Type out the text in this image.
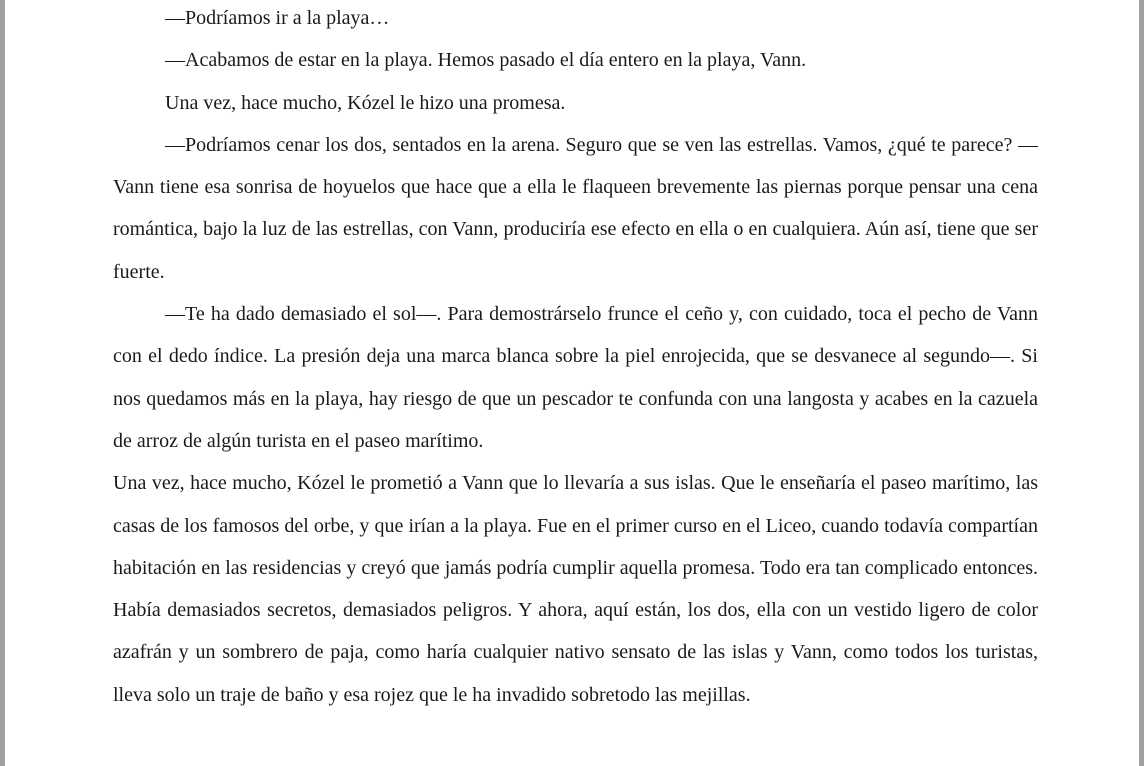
—Podríamos ir a la playa…

—Acabamos de estar en la playa. Hemos pasado el día entero en la playa, Vann.

Una vez, hace mucho, Kózel le hizo una promesa.

—Podríamos cenar los dos, sentados en la arena. Seguro que se ven las estrellas. Vamos, ¿qué te parece? —Vann tiene esa sonrisa de hoyuelos que hace que a ella le flaqueen brevemente las piernas porque pensar una cena romántica, bajo la luz de las estrellas, con Vann, produciría ese efecto en ella o en cualquiera. Aún así, tiene que ser fuerte.

—Te ha dado demasiado el sol—. Para demostrárselo frunce el ceño y, con cuidado, toca el pecho de Vann con el dedo índice. La presión deja una marca blanca sobre la piel enrojecida, que se desvanece al segundo—. Si nos quedamos más en la playa, hay riesgo de que un pescador te confunda con una langosta y acabes en la cazuela de arroz de algún turista en el paseo marítimo.

Una vez, hace mucho, Kózel le prometió a Vann que lo llevaría a sus islas. Que le enseñaría el paseo marítimo, las casas de los famosos del orbe, y que irían a la playa. Fue en el primer curso en el Liceo, cuando todavía compartían habitación en las residencias y creyó que jamás podría cumplir aquella promesa. Todo era tan complicado entonces. Había demasiados secretos, demasiados peligros. Y ahora, aquí están, los dos, ella con un vestido ligero de color azafrán y un sombrero de paja, como haría cualquier nativo sensato de las islas y Vann, como todos los turistas, lleva solo un traje de baño y esa rojez que le ha invadido sobretodo las mejillas.
